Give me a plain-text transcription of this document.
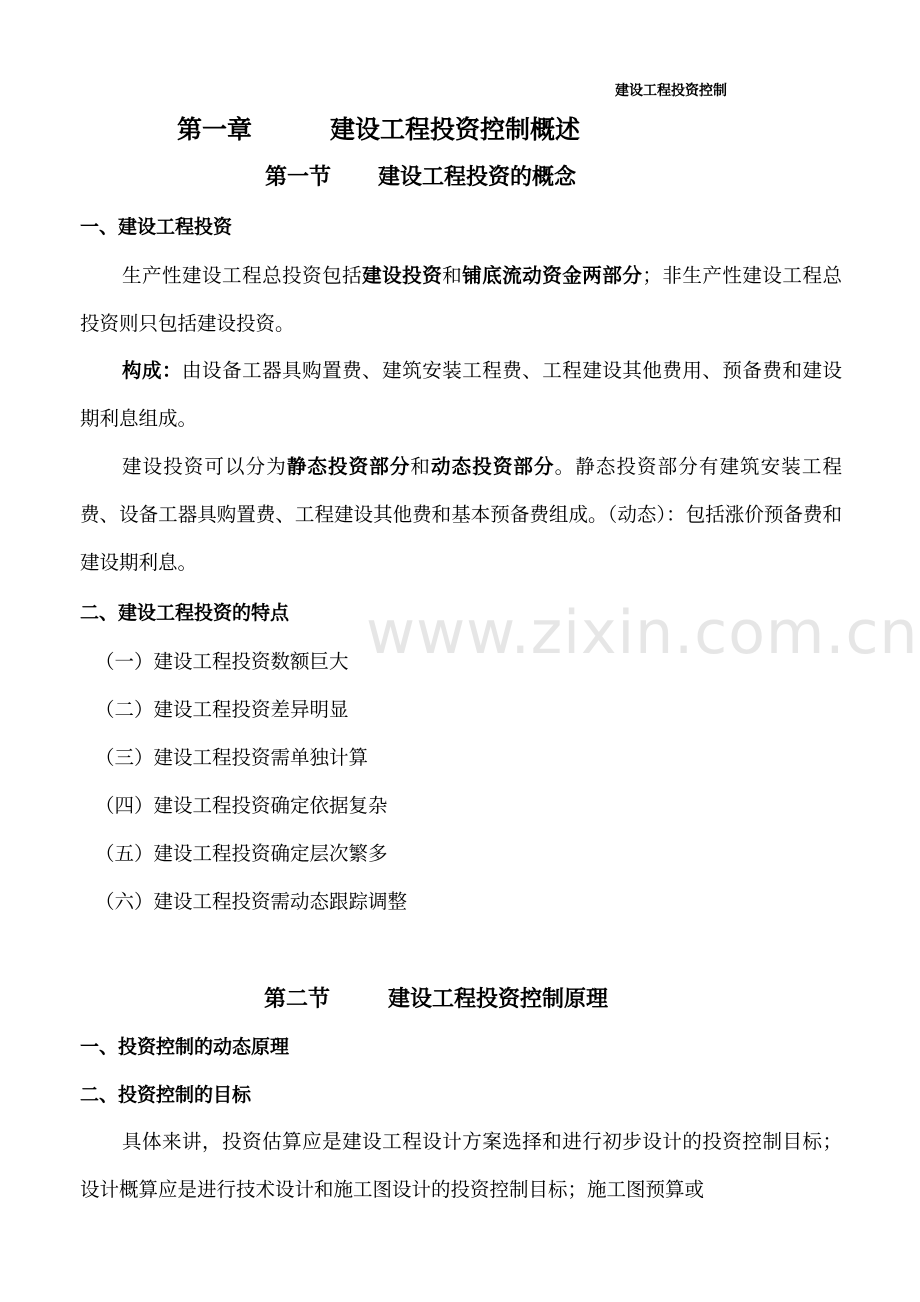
建设工程投资控制
www.zixin.com.cn
第一章	建设工程投资控制概述
第一节 建设工程投资的概念
一、建设工程投资
生产性建设工程总投资包括建设投资和铺底流动资金两部分；非生产性建设工程总投资则只包括建设投资。
构成：由设备工器具购置费、建筑安装工程费、工程建设其他费用、预备费和建设期利息组成。
建设投资可以分为静态投资部分和动态投资部分。静态投资部分有建筑安装工程费、设备工器具购置费、工程建设其他费和基本预备费组成。（动态）：包括涨价预备费和建设期利息。
二、建设工程投资的特点
（一）建设工程投资数额巨大
（二）建设工程投资差异明显
（三）建设工程投资需单独计算
（四）建设工程投资确定依据复杂
（五）建设工程投资确定层次繁多
（六）建设工程投资需动态跟踪调整
第二节	建设工程投资控制原理
一、投资控制的动态原理
二、投资控制的目标
具体来讲，投资估算应是建设工程设计方案选择和进行初步设计的投资控制目标；设计概算应是进行技术设计和施工图设计的投资控制目标；施工图预算或
